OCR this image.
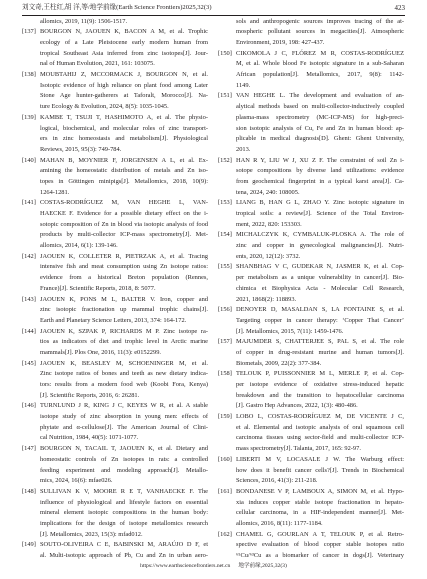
刘文奇,王柱红,胡 洋,等/地学前缘(Earth Science Frontiers)2025,32(3)	423
allomics, 2019, 11(9): 1506-1517.
[137] BOURGON N, JAOUEN K, BACON A M, et al. Trophic
ecology of a Late Pleistocene early modern human from
tropical Southeast Asia inferred from zinc isotopes[J]. Jour-
nal of Human Evolution, 2021, 161: 103075.
[138] MOUBTAHIJ Z, MCCORMACK J, BOURGON N, et al.
Isotopic evidence of high reliance on plant food among Later
Stone Age hunter-gatherers at Taforalt, Morocco[J]. Na-
ture Ecology & Evolution, 2024, 8(5): 1035-1045.
[139] KAMBE T, TSUJI T, HASHIMOTO A, et al. The physio-
logical, biochemical, and molecular roles of zinc transport-
ers in zinc homeostasis and metabolism[J]. Physiological
Reviews, 2015, 95(3): 749-784.
[140] MAHAN B, MOYNIER F, JORGENSEN A L, et al. Ex-
amining the homeostatic distribution of metals and Zn iso-
topes in Göttingen minipigs[J]. Metallomics, 2018, 10(9):
1264-1281.
[141] COSTAS-RODRÍGUEZ M, VAN HEGHE L, VAN-
HAECKE F. Evidence for a possible dietary effect on the i-
sotopic composition of Zn in blood via isotopic analysis of food
products by multi-collector ICP-mass spectrometry[J]. Met-
allomics, 2014, 6(1): 139-146.
[142] JAOUEN K, COLLETER R, PIETRZAK A, et al. Tracing
intensive fish and meat consumption using Zn isotope ratios:
evidence from a historical Breton population (Rennes,
France)[J]. Scientific Reports, 2018, 8: 5077.
[143] JAOUEN K, PONS M L, BALTER V. Iron, copper and
zinc isotopic fractionation up mammal trophic chains[J].
Earth and Planetary Science Letters, 2013, 374: 164-172.
[144] JAOUEN K, SZPAK P, RICHARDS M P. Zinc isotope ra-
tios as indicators of diet and trophic level in Arctic marine
mammals[J]. Plos One, 2016, 11(3): e0152299.
[145] JAOUEN K, BEASLEY M, SCHOENINGER M, et al.
Zinc isotope ratios of bones and teeth as new dietary indica-
tors: results from a modern food web (Koobi Fora, Kenya)
[J]. Scientific Reports, 2016, 6: 26281.
[146] TURNLUND J R, KING J C, KEYES W R, et al. A stable
isotope study of zinc absorption in young men: effects of
phytate and α-cellulose[J]. The American Journal of Clini-
cal Nutrition, 1984, 40(5): 1071-1077.
[147] BOURGON N, TACAIL T, JAOUEN K, et al. Dietary and
homeostatic controls of Zn isotopes in rats: a controlled
feeding experiment and modeling approach[J]. Metallo-
mics, 2024, 16(6): mfae026.
[148] SULLIVAN K V, MOORE R E T, VANHAECKE F. The
influence of physiological and lifestyle factors on essential
mineral element isotopic compositions in the human body:
implications for the design of isotope metallomics research
[J]. Metallomics, 2023, 15(3): mfad012.
[149] SOUTO-OLIVEIRA C E, BABINSKI M, ARAÚJO D F, et
al. Multi-isotopic approach of Pb, Cu and Zn in urban aero-
sols and anthropogenic sources improves tracing of the at-
mospheric pollutant sources in megacities[J]. Atmospheric
Environment, 2019, 198: 427-437.
[150] CIKOMOLA J C, FLÓREZ M R, COSTAS-RODRÍGUEZ
M, et al. Whole blood Fe isotopic signature in a sub-Saharan
African population[J]. Metallomics, 2017, 9(8): 1142-
1149.
[151] VAN HEGHE L. The development and evaluation of an-
alytical methods based on multi-collector-inductively coupled
plasma-mass spectrometry (MC-ICP-MS) for high-preci-
sion isotopic analysis of Cu, Fe and Zn in human blood: ap-
plicable in medical diagnosis[D]. Ghent: Ghent University,
2013.
[152] HAN R Y, LIU W J, XU Z F. The constraint of soil Zn i-
sotope compositions by diverse land utilizations: evidence
from geochemical fingerprint in a typical karst area[J]. Ca-
tena, 2024, 240: 108005.
[153] LIANG B, HAN G L, ZHAO Y. Zinc isotopic signature in
tropical soils: a review[J]. Science of the Total Environ-
ment, 2022, 820: 153303.
[154] MICHALCZYK K, CYMBALUK-PLOSKA A. The role of
zinc and copper in gynecological malignancies[J]. Nutri-
ents, 2020, 12(12): 3732.
[155] SHANBHAG V C, GUDEKAR N, JASMER K, et al. Cop-
per metabolism as a unique vulnerability in cancer[J]. Bio-
chimica et Biophysica Acta - Molecular Cell Research,
2021, 1868(2): 118893.
[156] DENOYER D, MASALDAN S, LA FONTAINE S, et al.
Targeting copper in cancer therapy: ‘Copper That Cancer’
[J]. Metallomics, 2015, 7(11): 1459-1476.
[157] MAJUMDER S, CHATTERJEE S, PAL S, et al. The role
of copper in drug-resistant murine and human tumors[J].
Biometals, 2009, 22(2): 377-384.
[158] TELOUK P, PUISSONNIER M L, MERLE P, et al. Cop-
per isotope evidence of oxidative stress-induced hepatic
breakdown and the transition to hepatocellular carcinoma
[J]. Gastro Hep Advances, 2022, 1(3): 480-486.
[159] LOBO L, COSTAS-RODRÍGUEZ M, DE VICENTE J C,
et al. Elemental and isotopic analysis of oral squamous cell
carcinoma tissues using sector-field and multi-collector ICP-
mass spectrometry[J]. Talanta, 2017, 165: 92-97.
[160] LIBERTI M V, LOCASALE J W. The Warburg effect:
how does it benefit cancer cells?[J]. Trends in Biochemical
Sciences, 2016, 41(3): 211-218.
[161] BONDANESE V P, LAMBOUX A, SIMON M, et al. Hypo-
xia induces copper stable isotope fractionation in hepato-
cellular carcinoma, in a HIF-independent manner[J]. Met-
allomics, 2016, 8(11): 1177-1184.
[162] CHAMEL G, GOURLAN A T, TELOUK P, et al. Retro-
spective evaluation of blood copper stable isotopes ratio
⁶⁵Cu/⁶³Cu as a biomarker of cancer in dogs[J]. Veterinary
https://www.earthsciencefrontiers.net.cn 地学前缘,2025,32(3)
